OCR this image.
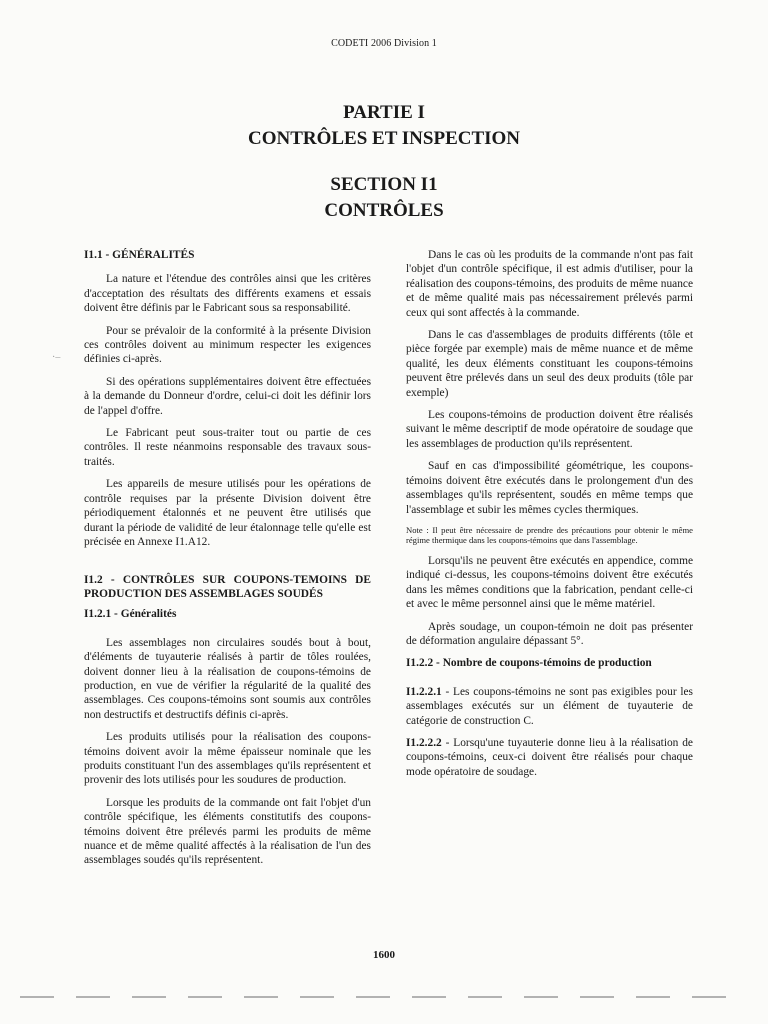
CODETI 2006 Division 1

PARTIE I

CONTRÔLES ET INSPECTION

SECTION I1

CONTRÔLES

I1.1 - GÉNÉRALITÉS

La nature et l'étendue des contrôles ainsi que les critères d'acceptation des résultats des différents examens et essais doivent être définis par le Fabricant sous sa responsabilité.

Pour se prévaloir de la conformité à la présente Division ces contrôles doivent au minimum respecter les exigences définies ci-après.

Si des opérations supplémentaires doivent être effectuées à la demande du Donneur d'ordre, celui-ci doit les définir lors de l'appel d'offre.

Le Fabricant peut sous-traiter tout ou partie de ces contrôles. Il reste néanmoins responsable des travaux sous-traités.

Les appareils de mesure utilisés pour les opérations de contrôle requises par la présente Division doivent être périodiquement étalonnés et ne peuvent être utilisés que durant la période de validité de leur étalonnage telle qu'elle est précisée en Annexe I1.A12.

I1.2 - CONTRÔLES SUR COUPONS-TEMOINS DE PRODUCTION DES ASSEMBLAGES SOUDÉS
I1.2.1 - Généralités

Les assemblages non circulaires soudés bout à bout, d'éléments de tuyauterie réalisés à partir de tôles roulées, doivent donner lieu à la réalisation de coupons-témoins de production, en vue de vérifier la régularité de la qualité des assemblages. Ces coupons-témoins sont soumis aux contrôles non destructifs et destructifs définis ci-après.

Les produits utilisés pour la réalisation des coupons-témoins doivent avoir la même épaisseur nominale que les produits constituant l'un des assemblages qu'ils représentent et provenir des lots utilisés pour les soudures de production.

Lorsque les produits de la commande ont fait l'objet d'un contrôle spécifique, les éléments constitutifs des coupons-témoins doivent être prélevés parmi les produits de même nuance et de même qualité affectés à la réalisation de l'un des assemblages soudés qu'ils représentent.

Dans le cas où les produits de la commande n'ont pas fait l'objet d'un contrôle spécifique, il est admis d'utiliser, pour la réalisation des coupons-témoins, des produits de même nuance et de même qualité mais pas nécessairement prélevés parmi ceux qui sont affectés à la commande.

Dans le cas d'assemblages de produits différents (tôle et pièce forgée par exemple) mais de même nuance et de même qualité, les deux éléments constituant les coupons-témoins peuvent être prélevés dans un seul des deux produits (tôle par exemple)

Les coupons-témoins de production doivent être réalisés suivant le même descriptif de mode opératoire de soudage que les assemblages de production qu'ils représentent.

Sauf en cas d'impossibilité géométrique, les coupons-témoins doivent être exécutés dans le prolongement d'un des assemblages qu'ils représentent, soudés en même temps que l'assemblage et subir les mêmes cycles thermiques.

Note : Il peut être nécessaire de prendre des précautions pour obtenir le même régime thermique dans les coupons-témoins que dans l'assemblage.

Lorsqu'ils ne peuvent être exécutés en appendice, comme indiqué ci-dessus, les coupons-témoins doivent être exécutés dans les mêmes conditions que la fabrication, pendant celle-ci et avec le même personnel ainsi que le même matériel.

Après soudage, un coupon-témoin ne doit pas présenter de déformation angulaire dépassant 5°.

I1.2.2 - Nombre de coupons-témoins de production

I1.2.2.1 - Les coupons-témoins ne sont pas exigibles pour les assemblages exécutés sur un élément de tuyauterie de catégorie de construction C.

I1.2.2.2 - Lorsqu'une tuyauterie donne lieu à la réalisation de coupons-témoins, ceux-ci doivent être réalisés pour chaque mode opératoire de soudage.

1600
·–
